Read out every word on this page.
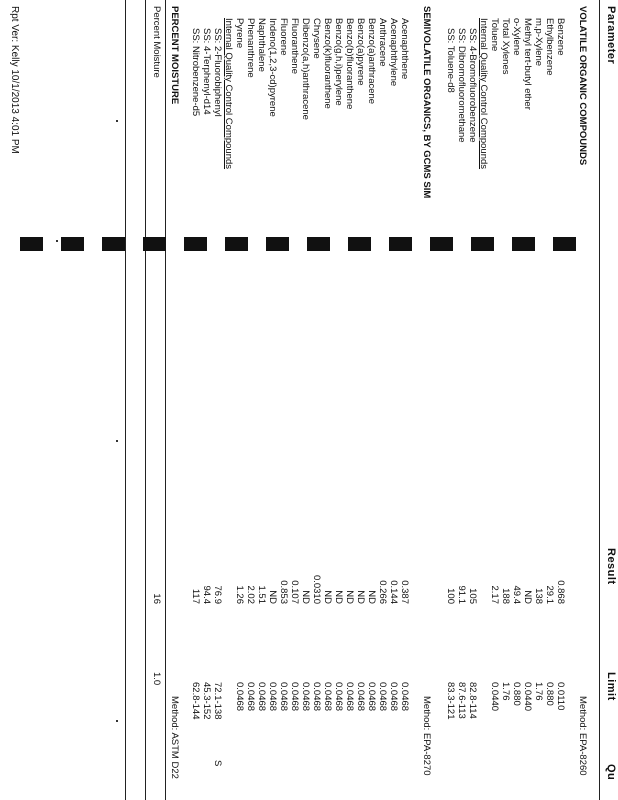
Parameter
Result
Limit
Qu
VOLATILE ORGANIC COMPOUNDS
Method: EPA-8260
Benzene
0.868
0.0110
Ethylbenzene
29.1
0.880
m,p-Xylene
138
1.76
Methyl tert-butyl ether
ND
0.0440
o-Xylene
49.4
0.880
Total Xylenes
188
1.76
Toluene
2.17
0.0440
Internal Quality Control Compounds
SS: 4-Bromofluorobenzene
105
82.8-114
SS: Dibromofluoromethane
91.1
87.6-113
SS: Toluene-d8
100
83.3-121
SEMIVOLATILE ORGANICS, BY GCMS SIM
Method: EPA-8270
Acenaphthene
0.387
0.0468
Acenaphthylene
0.144
0.0468
Anthracene
0.266
0.0468
Benzo(a)anthracene
ND
0.0468
Benzo(a)pyrene
ND
0.0468
Benzo(b)fluoranthene
ND
0.0468
Benzo(g,h,i)perylene
ND
0.0468
Benzo(k)fluoranthene
ND
0.0468
Chrysene
0.0310
0.0468
Dibenzo(a,h)anthracene
ND
0.0468
Fluoranthene
0.107
0.0468
Fluorene
0.853
0.0468
Indeno(1,2,3-cd)pyrene
ND
0.0468
Naphthalene
1.51
0.0468
Phenanthrene
2.02
0.0468
Pyrene
1.26
0.0468
Internal Quality Control Compounds
SS: 2-Fluorobiphenyl
76.9
72.1-138
S
SS: 4-Terphenyl-d14
94.4
45.3-152
SS: Nitrobenzene-d5
117
62.8-144
PERCENT MOISTURE
Method: ASTM D22
Percent Moisture
16
1.0
Rpt Ver: Kelly 10/1/2013 4:01 PM
